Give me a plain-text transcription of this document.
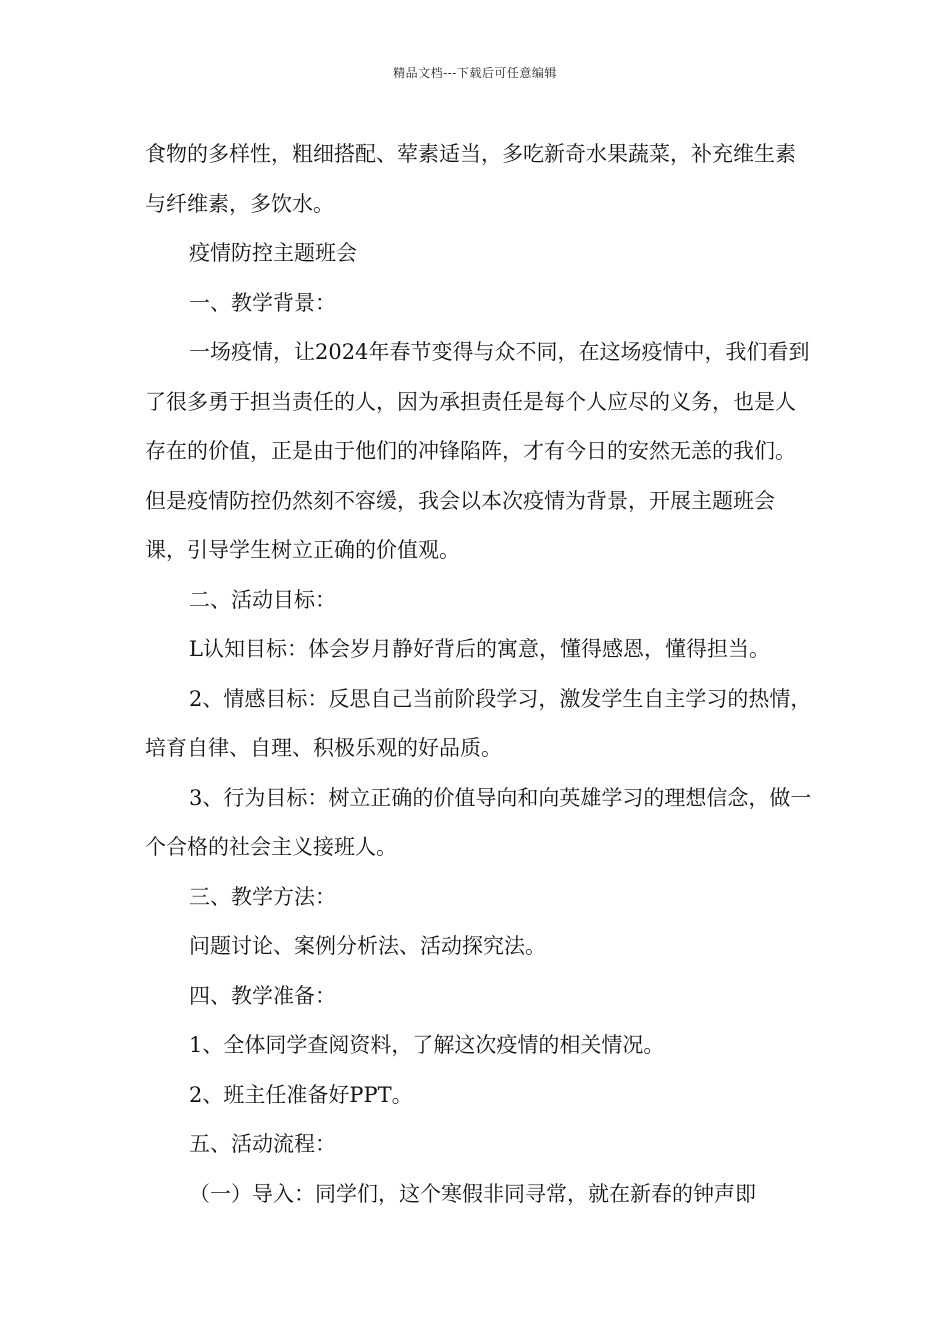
精品文档---下载后可任意编辑

食物的多样性，粗细搭配、荤素适当，多吃新奇水果蔬菜，补充维生素与纤维素，多饮水。

疫情防控主题班会

一、教学背景：

一场疫情，让2024年春节变得与众不同，在这场疫情中，我们看到了很多勇于担当责任的人，因为承担责任是每个人应尽的义务，也是人存在的价值，正是由于他们的冲锋陷阵，才有今日的安然无恙的我们。但是疫情防控仍然刻不容缓，我会以本次疫情为背景，开展主题班会课，引导学生树立正确的价值观。

二、活动目标：

L认知目标：体会岁月静好背后的寓意，懂得感恩，懂得担当。

2、情感目标：反思自己当前阶段学习，激发学生自主学习的热情，培育自律、自理、积极乐观的好品质。

3、行为目标：树立正确的价值导向和向英雄学习的理想信念，做一个合格的社会主义接班人。

三、教学方法：

问题讨论、案例分析法、活动探究法。

四、教学准备：

1、全体同学查阅资料，了解这次疫情的相关情况。

2、班主任准备好PPT。

五、活动流程：

（一）导入：同学们，这个寒假非同寻常，就在新春的钟声即
